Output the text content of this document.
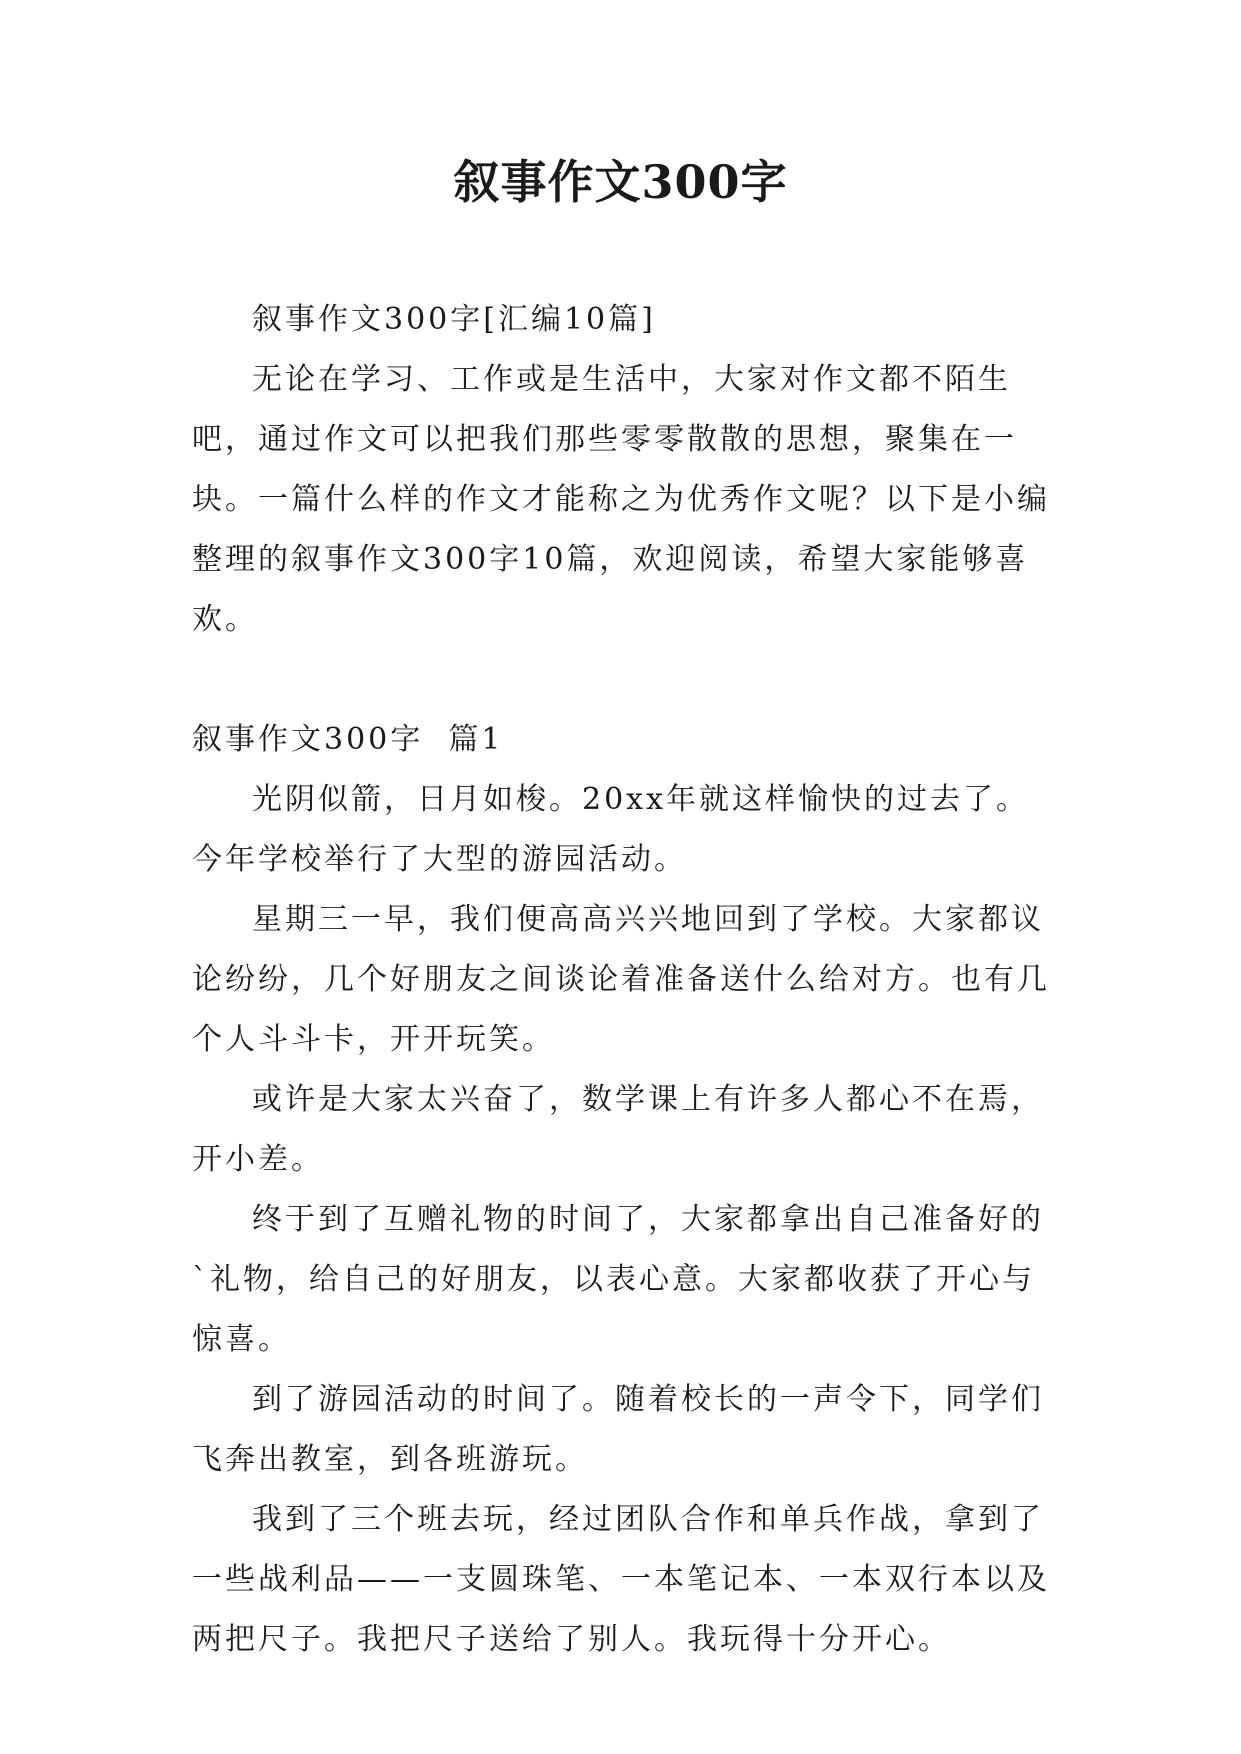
叙事作文300字

叙事作文300字[汇编10篇]

无论在学习、工作或是生活中，大家对作文都不陌生吧，通过作文可以把我们那些零零散散的思想，聚集在一块。一篇什么样的作文才能称之为优秀作文呢？以下是小编整理的叙事作文300字10篇，欢迎阅读，希望大家能够喜欢。

叙事作文300字  篇1

光阴似箭，日月如梭。20xx年就这样愉快的过去了。今年学校举行了大型的游园活动。

星期三一早，我们便高高兴兴地回到了学校。大家都议论纷纷，几个好朋友之间谈论着准备送什么给对方。也有几个人斗斗卡，开开玩笑。

或许是大家太兴奋了，数学课上有许多人都心不在焉，开小差。

终于到了互赠礼物的时间了，大家都拿出自己准备好的`礼物，给自己的好朋友，以表心意。大家都收获了开心与惊喜。

到了游园活动的时间了。随着校长的一声令下，同学们飞奔出教室，到各班游玩。

我到了三个班去玩，经过团队合作和单兵作战，拿到了一些战利品——一支圆珠笔、一本笔记本、一本双行本以及两把尺子。我把尺子送给了别人。我玩得十分开心。
